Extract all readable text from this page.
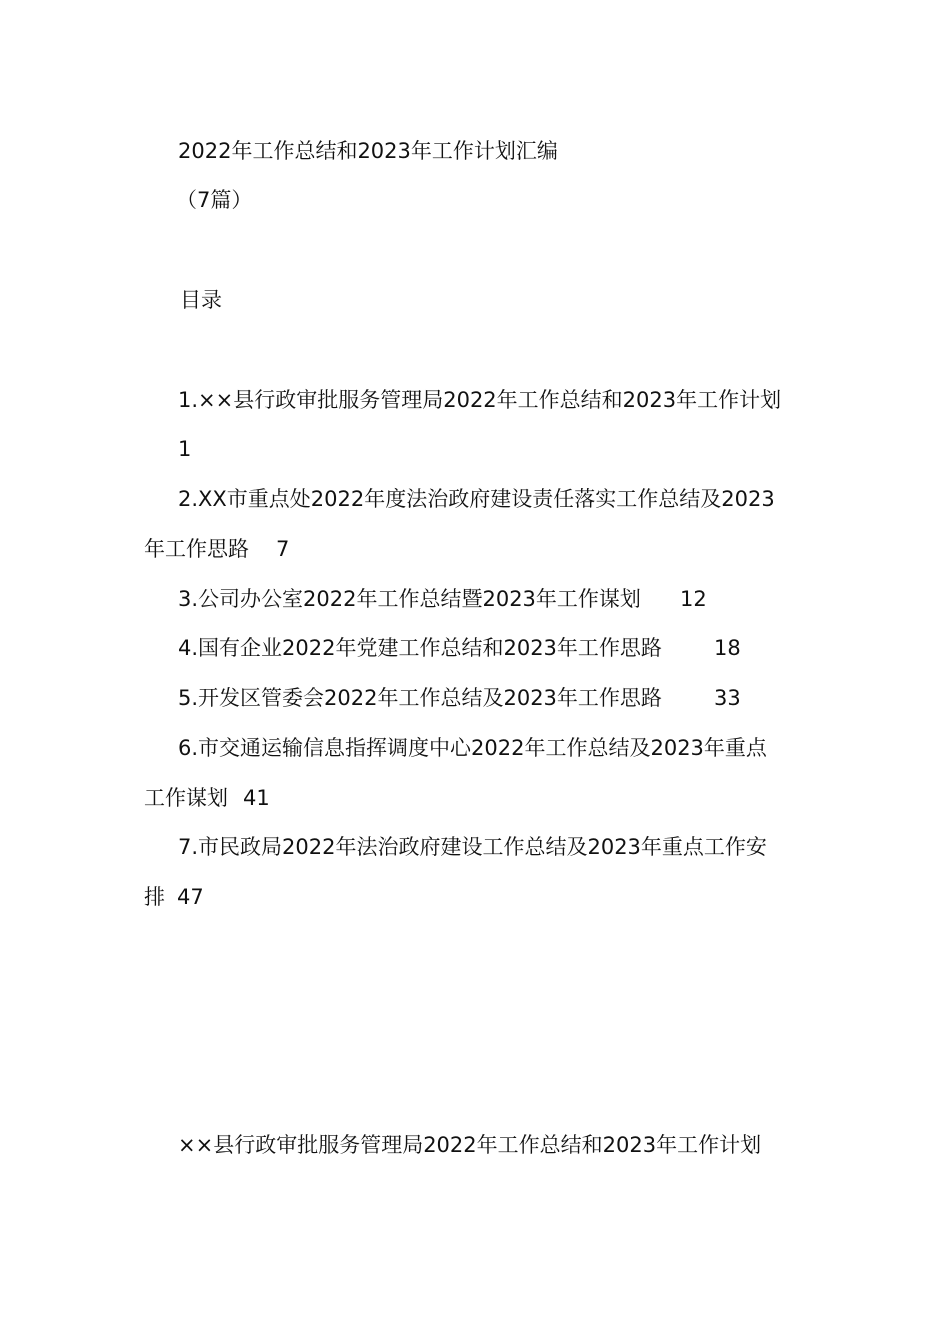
2022年工作总结和2023年工作计划汇编
（7篇）
目录
1.××县行政审批服务管理局2022年工作总结和2023年工作计划
1
2.XX市重点处2022年度法治政府建设责任落实工作总结及2023
年工作思路 7
3.公司办公室2022年工作总结暨2023年工作谋划 12
4.国有企业2022年党建工作总结和2023年工作思路 18
5.开发区管委会2022年工作总结及2023年工作思路 33
6.市交通运输信息指挥调度中心2022年工作总结及2023年重点
工作谋划 41
7.市民政局2022年法治政府建设工作总结及2023年重点工作安
排 47
××县行政审批服务管理局2022年工作总结和2023年工作计划
